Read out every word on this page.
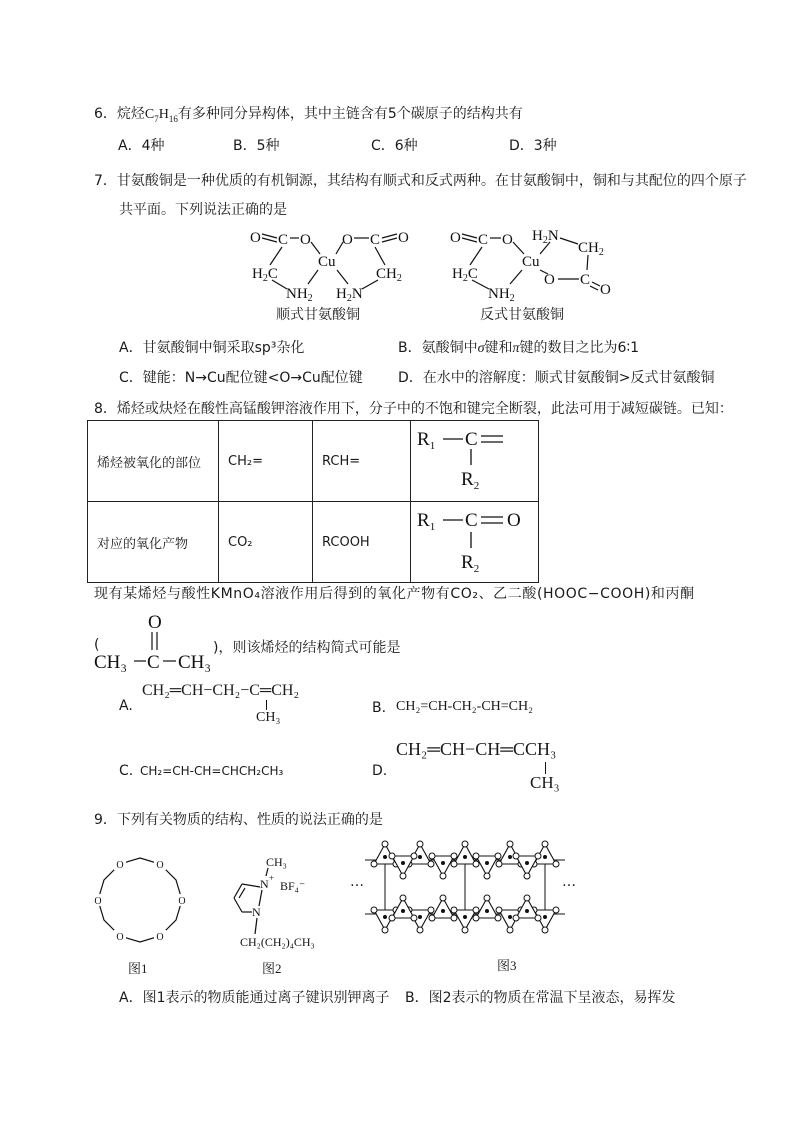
6．烷烃$C_7H_{16}$有多种同分异构体，其中主链含有5个碳原子的结构共有
A．4种	B．5种	C．6种	D．3种
7．甘氨酸铜是一种优质的有机铜源，其结构有顺式和反式两种。在甘氨酸铜中，铜和与其配位的四个原子
共平面。下列说法正确的是
O C O
Cu
O C O
$H_2C$
$NH_2$ $H_2N$
$CH_2$
顺式甘氨酸铜
O C O
Cu
$H_2N$
$CH_2$
$H_2C$
$NH_2$
O C
O
反式甘氨酸铜
A．甘氨酸铜中铜采取sp³杂化	B．氨酸铜中σ键和π键的数目之比为6∶1
C．键能：N→Cu配位键<O→Cu配位键	D．在水中的溶解度：顺式甘氨酸铜>反式甘氨酸铜
8．烯烃或炔烃在酸性高锰酸钾溶液作用下，分子中的不饱和键完全断裂，此法可用于减短碳链。已知：
烯烃被氧化的部位	CH₂=	RCH=	$R_1$ C
$R_2$

对应的氧化产物	CO₂	RCOOH	$R_1$ C O
$R_2$
现有某烯烃与酸性KMnO₄溶液作用后得到的氧化产物有CO₂、乙二酸(HOOC−COOH)和丙酮
(
O
CH₃ C CH₃
)，则该烯烃的结构简式可能是
A.
CH₂═CH−CH₂−C═CH₂
CH₃
B. CH₂=CH-CH₂-CH=CH₂
C. CH₂=CH-CH=CHCH₂CH₃	D.
CH₂═CH−CH═CCH₃
CH₃
9．下列有关物质的结构、性质的说法正确的是
O
O
O
O
O
O
图1
CH₃
N +
BF₄⁻
N
CH₂(CH₂)₄CH₃
图2
…	…
图3
A．图1表示的物质能通过离子键识别钾离子 B．图2表示的物质在常温下呈液态，易挥发
